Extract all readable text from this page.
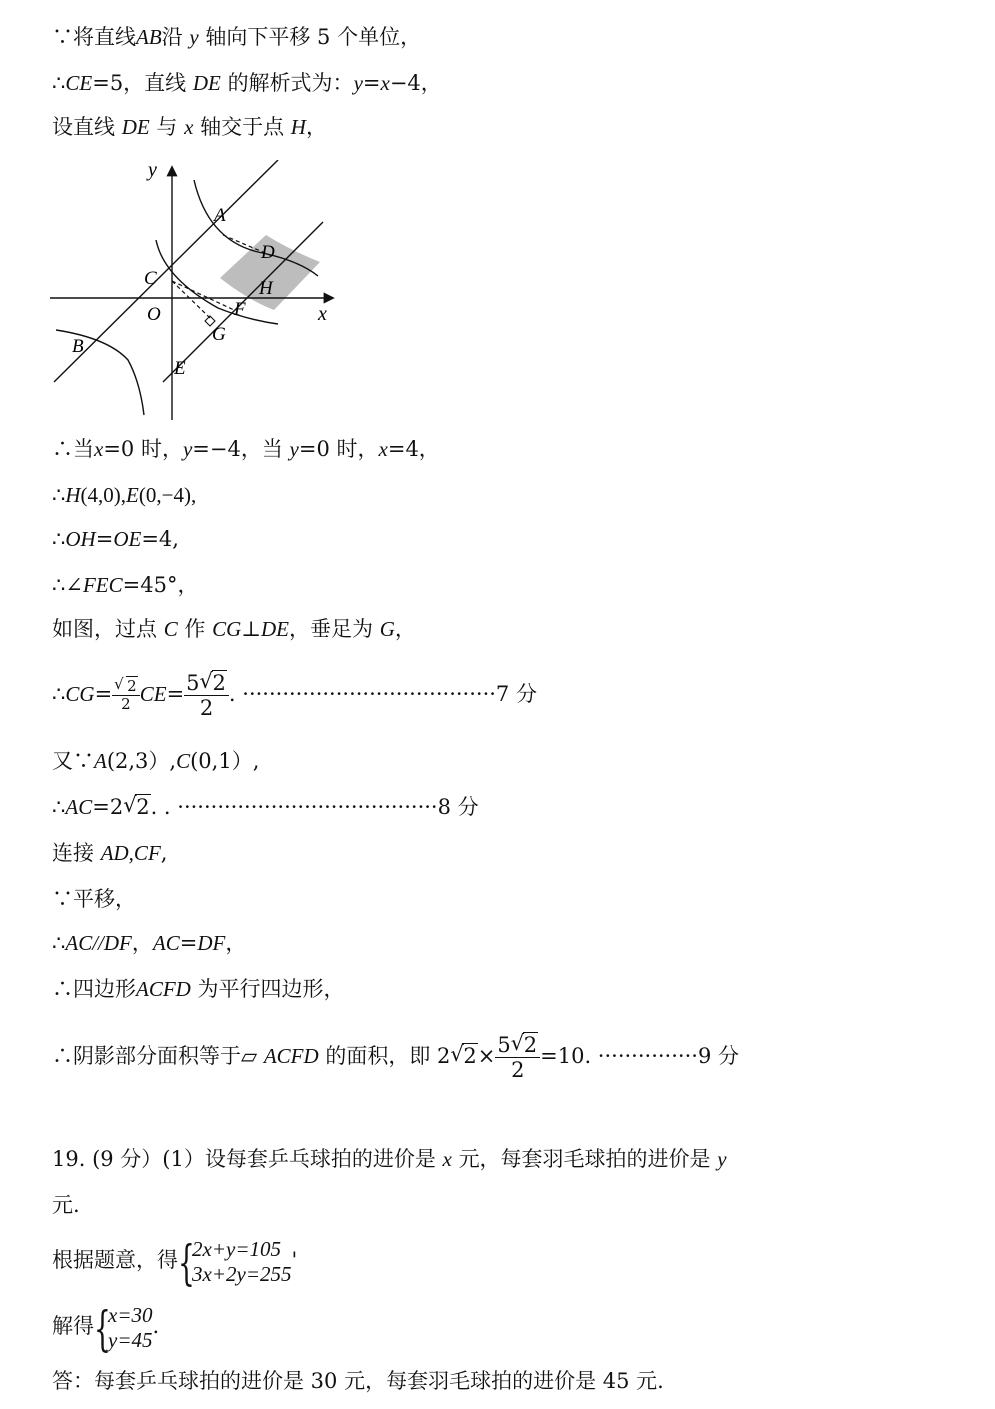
∵将直线AB沿 y 轴向下平移 5 个单位，
∴CE=5，直线 DE 的解析式为：y=x−4，
设直线 DE 与 x 轴交于点 H，
y
x
A
D
C	H
O	F
G
B
E
∴当x=0 时，y=−4，当 y=0 时，x=4，
∴H(4,0),E(0,−4),
∴OH=OE=4,
∴∠FEC=45°，
如图，过点 C 作 CG⊥DE，垂足为 G，
∴CG= √ $\frac{2}{2} CE= \frac{5 √ 2}{2}$ . ······································7 分
又∵A(2,3）,C(0,1）,
∴AC=2 √ 2. . ·······································8 分
连接 AD,CF,
∵平移，
∴AC//DF，AC=DF，
∴四边形ACFD 为平行四边形，
∴阴影部分面积等于▱ ACFD 的面积，即 2 √ $2\times \frac{5 √ 2}{2} =10$. ···············9 分
19. (9 分）(1）设每套乒乓球拍的进价是 x 元，每套羽毛球拍的进价是 y
元.
根据题意，得 {
2x+y=105
3x+2y=255
'
解得 {
x=30
y=45
.
答：每套乒乓球拍的进价是 30 元，每套羽毛球拍的进价是 45 元.
